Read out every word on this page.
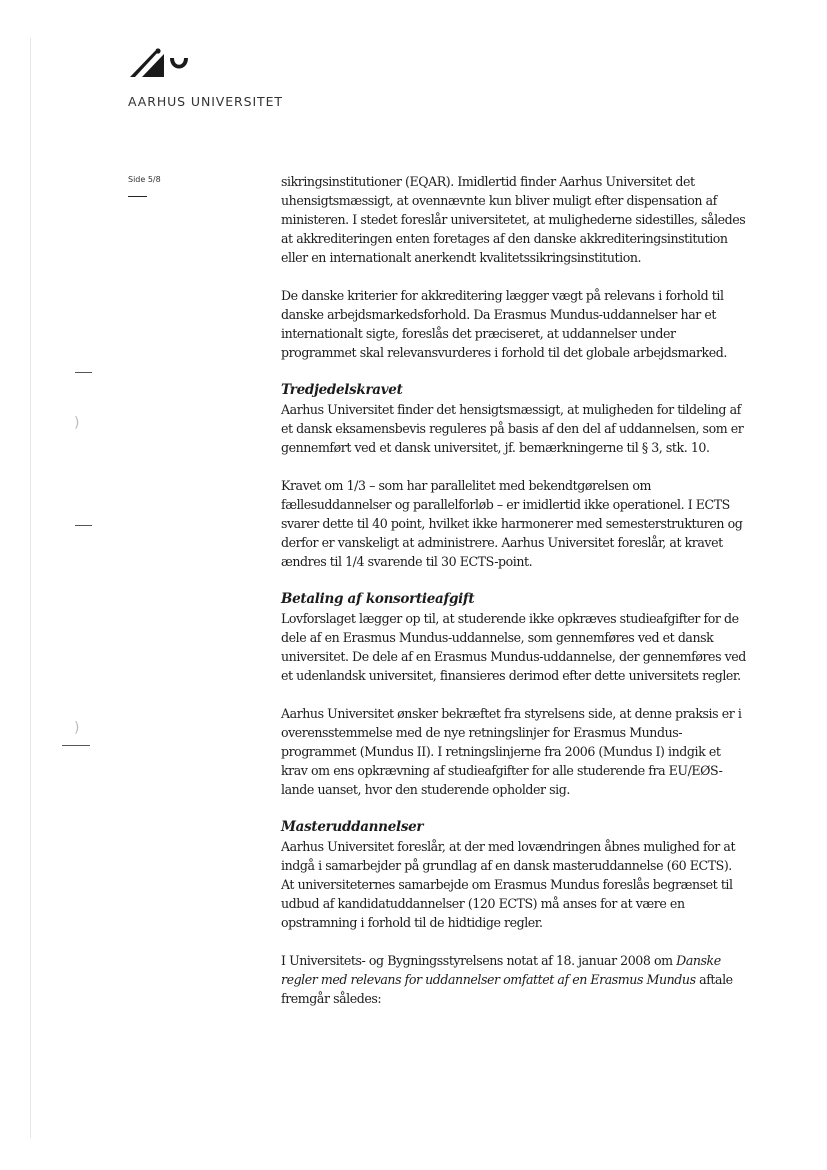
AARHUS UNIVERSITET
Side 5/8
)
)

sikringsinstitutioner (EQAR). Imidlertid finder Aarhus Universitet det uhensigtsmæssigt, at ovennævnte kun bliver muligt efter dispensation af ministeren. I stedet foreslår universitetet, at mulighederne sidestilles, således at akkrediteringen enten foretages af den danske akkrediteringsinstitution eller en internationalt anerkendt kvalitetssikringsinstitution.

De danske kriterier for akkreditering lægger vægt på relevans i forhold til danske arbejdsmarkedsforhold. Da Erasmus Mundus-uddannelser har et internationalt sigte, foreslås det præciseret, at uddannelser under programmet skal relevansvurderes i forhold til det globale arbejdsmarked.

Tredjedelskravet

Aarhus Universitet finder det hensigtsmæssigt, at muligheden for tildeling af et dansk eksamensbevis reguleres på basis af den del af uddannelsen, som er gennemført ved et dansk universitet, jf. bemærkningerne til § 3, stk. 10.

Kravet om 1/3 – som har parallelitet med bekendtgørelsen om fællesuddannelser og parallelforløb – er imidlertid ikke operationel. I ECTS svarer dette til 40 point, hvilket ikke harmonerer med semesterstrukturen og derfor er vanskeligt at administrere. Aarhus Universitet foreslår, at kravet ændres til 1/4 svarende til 30 ECTS-point.

Betaling af konsortieafgift

Lovforslaget lægger op til, at studerende ikke opkræves studieafgifter for de dele af en Erasmus Mundus-uddannelse, som gennemføres ved et dansk universitet. De dele af en Erasmus Mundus-uddannelse, der gennemføres ved et udenlandsk universitet, finansieres derimod efter dette universitets regler.

Aarhus Universitet ønsker bekræftet fra styrelsens side, at denne praksis er i overensstemmelse med de nye retningslinjer for Erasmus Mundus-programmet (Mundus II). I retningslinjerne fra 2006 (Mundus I) indgik et krav om ens opkrævning af studieafgifter for alle studerende fra EU/EØS-lande uanset, hvor den studerende opholder sig.

Masteruddannelser

Aarhus Universitet foreslår, at der med lovændringen åbnes mulighed for at indgå i samarbejder på grundlag af en dansk masteruddannelse (60 ECTS). At universiteternes samarbejde om Erasmus Mundus foreslås begrænset til udbud af kandidatuddannelser (120 ECTS) må anses for at være en opstramning i forhold til de hidtidige regler.

I Universitets- og Bygningsstyrelsens notat af 18. januar 2008 om Danske regler med relevans for uddannelser omfattet af en Erasmus Mundus aftale fremgår således:
